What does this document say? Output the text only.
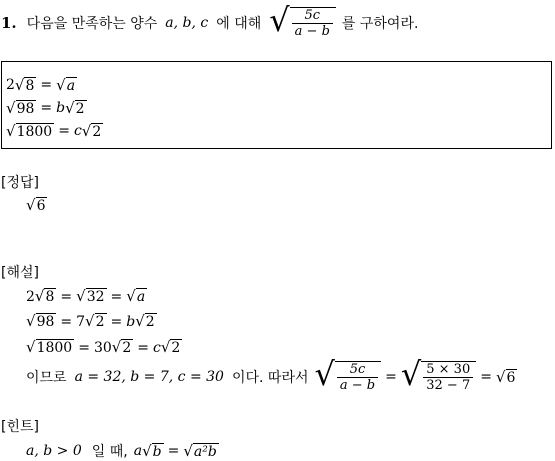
1. 다음을 만족하는 양수 a, b, c 에 대해 √ $\frac{5c}{a - b}$ 를 구하여라.
2 √ 8 = √ a
√ 98 = b √ 2
√ 1800 = c √ 2
[정답]
√ 6
[해설]
2 √ 8 = √ 32 = √ a
√ 98 = 7 √ 2 = b √ 2
√ 1800 = 30 √ 2 = c √ 2
이므로 a = 32, b = 7, c = 30 이다. 따라서 √ $\frac{5c}{a - b}$ = √ $\frac{5 \times 30}{32 - 7}$ = √ 6
[힌트]
a, b > 0 일 때, a √ b = √ a²b
